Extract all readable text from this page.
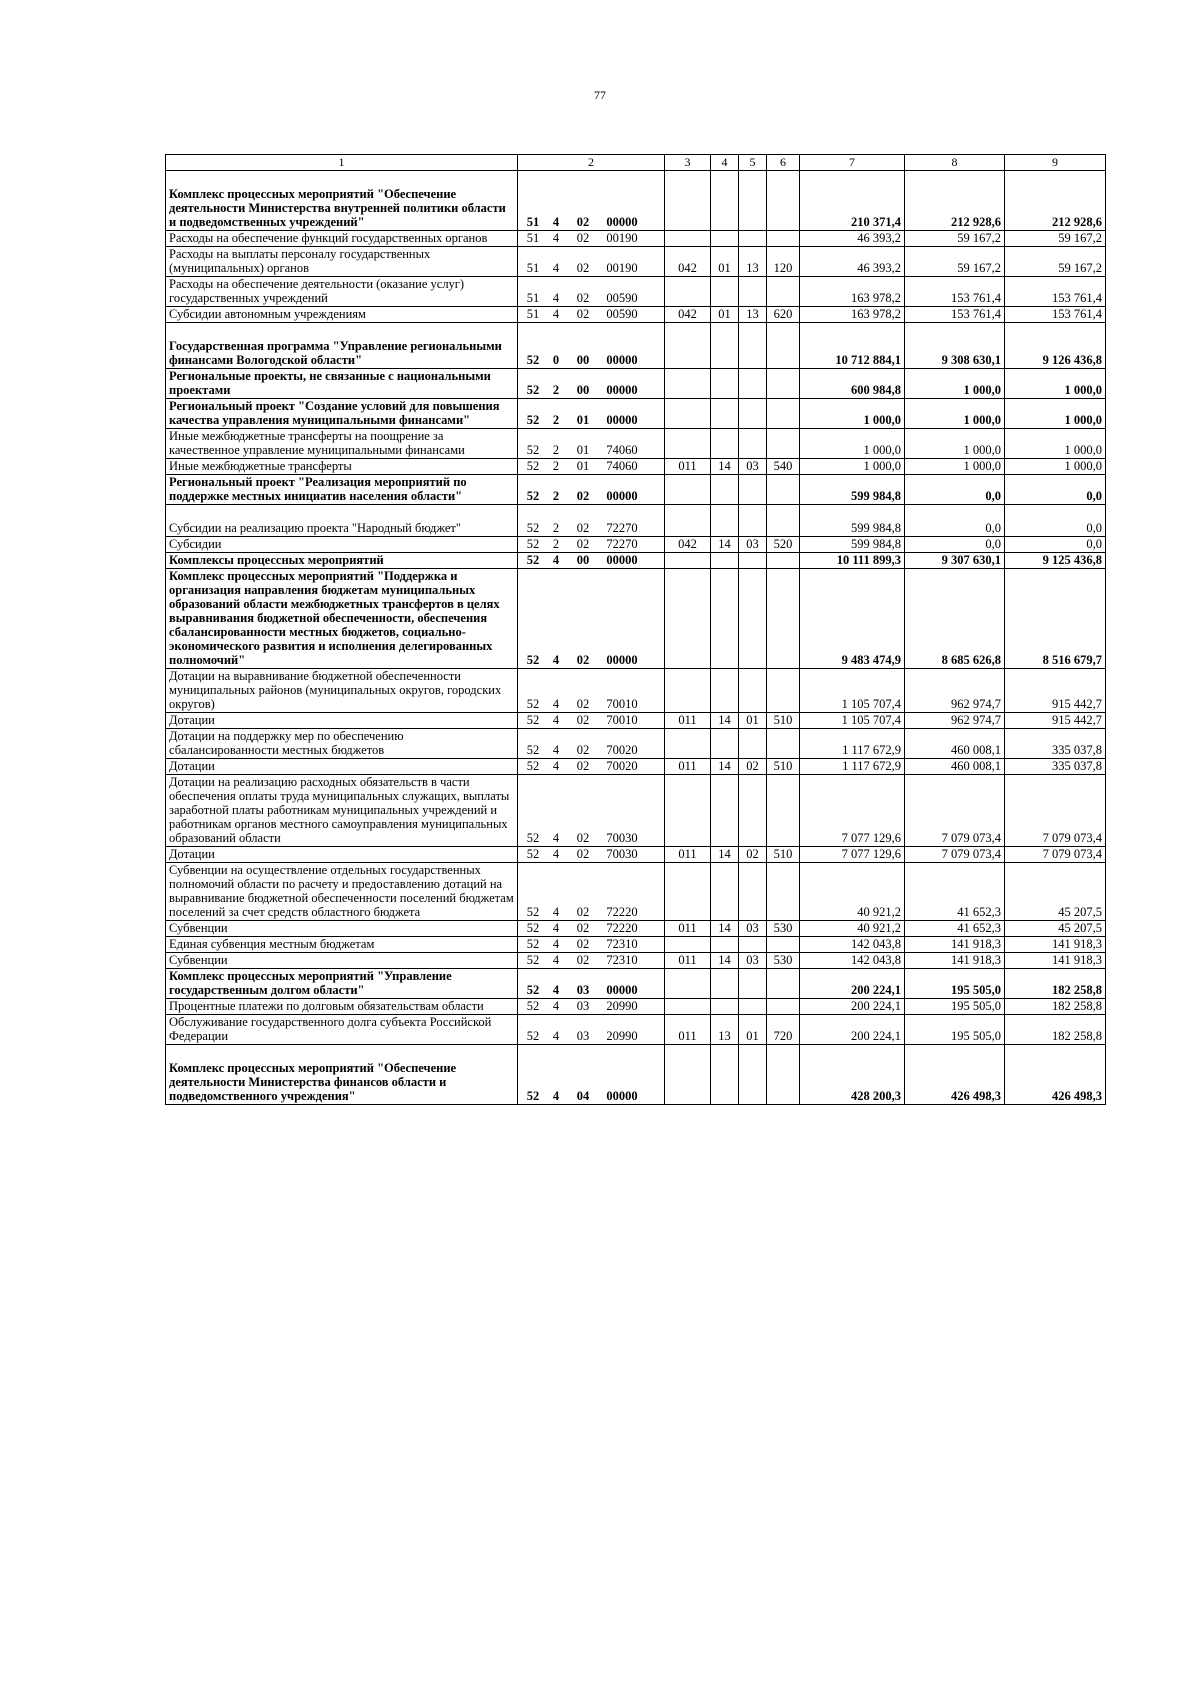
77
1	2	3	4	5	6	7	8	9

Комплекс процессных мероприятий "Обеспечение деятельности Министерства внутренней политики области и подведомственных учреждений"	51 4 02 00000					210 371,4	212 928,6	212 928,6
Расходы на обеспечение функций государственных органов	51 4 02 00190					46 393,2	59 167,2	59 167,2
Расходы на выплаты персоналу государственных (муниципальных) органов	51 4 02 00190	042	01	13	120	46 393,2	59 167,2	59 167,2
Расходы на обеспечение деятельности (оказание услуг) государственных учреждений	51 4 02 00590					163 978,2	153 761,4	153 761,4
Субсидии автономным учреждениям	51 4 02 00590	042	01	13	620	163 978,2	153 761,4	153 761,4

Государственная программа "Управление региональными финансами Вологодской области"	52 0 00 00000					10 712 884,1	9 308 630,1	9 126 436,8
Региональные проекты, не связанные с национальными проектами	52 2 00 00000					600 984,8	1 000,0	1 000,0
Региональный проект "Создание условий для повышения качества управления муниципальными финансами"	52 2 01 00000					1 000,0	1 000,0	1 000,0
Иные межбюджетные трансферты на поощрение за качественное управление муниципальными финансами	52 2 01 74060					1 000,0	1 000,0	1 000,0
Иные межбюджетные трансферты	52 2 01 74060	011	14	03	540	1 000,0	1 000,0	1 000,0
Региональный проект "Реализация мероприятий по поддержке местных инициатив населения области"	52 2 02 00000					599 984,8	0,0	0,0

Субсидии на реализацию проекта "Народный бюджет"	52 2 02 72270					599 984,8	0,0	0,0
Субсидии	52 2 02 72270	042	14	03	520	599 984,8	0,0	0,0
Комплексы процессных мероприятий	52 4 00 00000					10 111 899,3	9 307 630,1	9 125 436,8
Комплекс процессных мероприятий "Поддержка и организация направления бюджетам муниципальных образований области межбюджетных трансфертов в целях выравнивания бюджетной обеспеченности, обеспечения сбалансированности местных бюджетов, социально-экономического развития и исполнения делегированных полномочий"	52 4 02 00000					9 483 474,9	8 685 626,8	8 516 679,7
Дотации на выравнивание бюджетной обеспеченности муниципальных районов (муниципальных округов, городских округов)	52 4 02 70010					1 105 707,4	962 974,7	915 442,7
Дотации	52 4 02 70010	011	14	01	510	1 105 707,4	962 974,7	915 442,7
Дотации на поддержку мер по обеспечению сбалансированности местных бюджетов	52 4 02 70020					1 117 672,9	460 008,1	335 037,8
Дотации	52 4 02 70020	011	14	02	510	1 117 672,9	460 008,1	335 037,8
Дотации на реализацию расходных обязательств в части обеспечения оплаты труда муниципальных служащих, выплаты заработной платы работникам муниципальных учреждений и работникам органов местного самоуправления муниципальных образований области	52 4 02 70030					7 077 129,6	7 079 073,4	7 079 073,4
Дотации	52 4 02 70030	011	14	02	510	7 077 129,6	7 079 073,4	7 079 073,4
Субвенции на осуществление отдельных государственных полномочий области по расчету и предоставлению дотаций на выравнивание бюджетной обеспеченности поселений бюджетам поселений за счет средств областного бюджета	52 4 02 72220					40 921,2	41 652,3	45 207,5
Субвенции	52 4 02 72220	011	14	03	530	40 921,2	41 652,3	45 207,5
Единая субвенция местным бюджетам	52 4 02 72310					142 043,8	141 918,3	141 918,3
Субвенции	52 4 02 72310	011	14	03	530	142 043,8	141 918,3	141 918,3
Комплекс процессных мероприятий "Управление государственным долгом области"	52 4 03 00000					200 224,1	195 505,0	182 258,8
Процентные платежи по долговым обязательствам области	52 4 03 20990					200 224,1	195 505,0	182 258,8
Обслуживание государственного долга субъекта Российской Федерации	52 4 03 20990	011	13	01	720	200 224,1	195 505,0	182 258,8

Комплекс процессных мероприятий "Обеспечение деятельности Министерства финансов области и подведомственного учреждения"	52 4 04 00000					428 200,3	426 498,3	426 498,3
